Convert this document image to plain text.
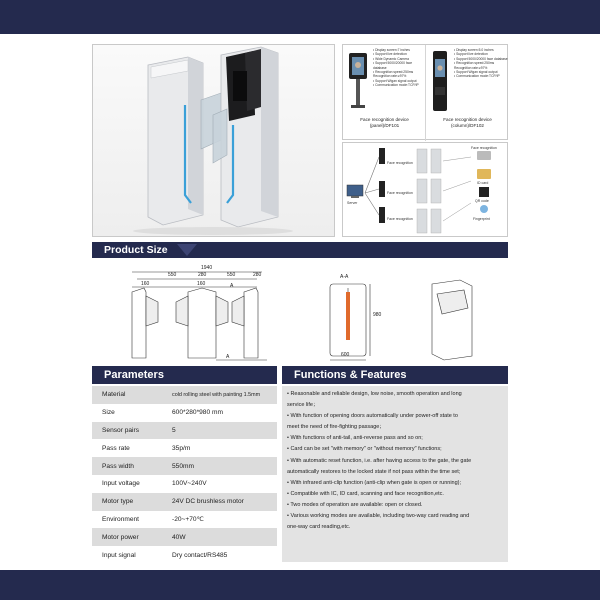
• Display screen:7 inches
• Support live detection
• Wide Dynamic Camera
• Support 5000/20000 face database
• Recognition speed:250ms Recognition rate:≥97%
• Support Wigan signal output
• Communication mode:TCP/IP
Face recognition device
(panel)/DF101
• Display screen:5.0 inches
• Support live detection
• Support 5000/20000 face database
• Recognition speed:250ms Recognition rate:≥97%
• Support Wigan signal output
• Communication mode:TCP/IP
Face recognition device
(column)/DF102
Face recognition
Face recognition
Face recognition
Server
Face recognition
ID card
QR code
Fingerprint
Product Size
1940
550	280	550	280
160	160	A
A
A-A
980
600
Parameters
Material	cold rolling steel with painting 1.5mm
Size	600*280*980 mm
Sensor pairs	5
Pass rate	35p/m
Pass width	550mm
Input voltage	100V~240V
Motor type	24V DC brushless motor
Environment	-20~+70℃
Motor power	40W
Input signal	Dry contact/RS485
Functions & Features

• Reasonable and reliable design, low noise, smooth operation and long

service life；

• With function of opening doors automatically under power-off state to

meet the need of fire-fighting passage；

• With functions of anti-tail, anti-reverse pass and so on;

• Card can be set "with memory" or "without memory" functions;

• With automatic reset function, i.e. after having access to the gate, the gate

automatically restores to the locked state if not pass within the time set;

• With infrared anti-clip function (anti-clip when gate is open or running);

• Compatible with IC, ID card, scanning and face recognition,etc.

• Two modes of operation are available: open or closed.

• Various working modes are available, including two-way card reading and

one-way card reading,etc.
